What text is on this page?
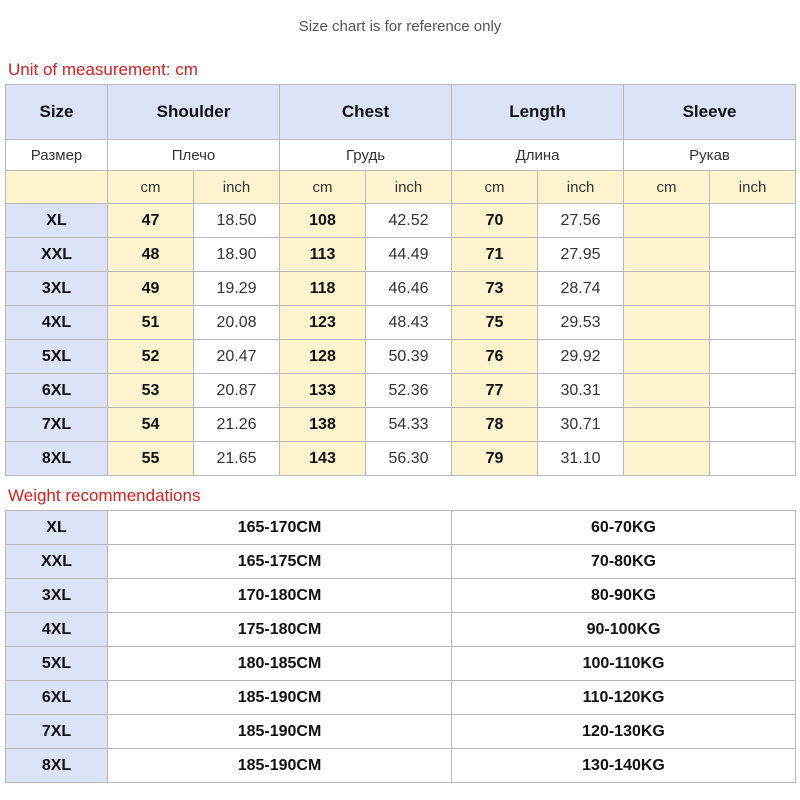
Size chart is for reference only
Unit of measurement: cm
Size	Shoulder		Chest		Length		Sleeve	
Размер	Плечо		Грудь		Длина		Рукав	
	cm	inch	cm	inch	cm	inch	cm	inch
XL	47	18.50	108	42.52	70	27.56		
XXL	48	18.90	113	44.49	71	27.95		
3XL	49	19.29	118	46.46	73	28.74		
4XL	51	20.08	123	48.43	75	29.53		
5XL	52	20.47	128	50.39	76	29.92		
6XL	53	20.87	133	52.36	77	30.31		
7XL	54	21.26	138	54.33	78	30.71		
8XL	55	21.65	143	56.30	79	31.10		
Weight recommendations
XL	165-170CM	60-70KG
XXL	165-175CM	70-80KG
3XL	170-180CM	80-90KG
4XL	175-180CM	90-100KG
5XL	180-185CM	100-110KG
6XL	185-190CM	110-120KG
7XL	185-190CM	120-130KG
8XL	185-190CM	130-140KG
